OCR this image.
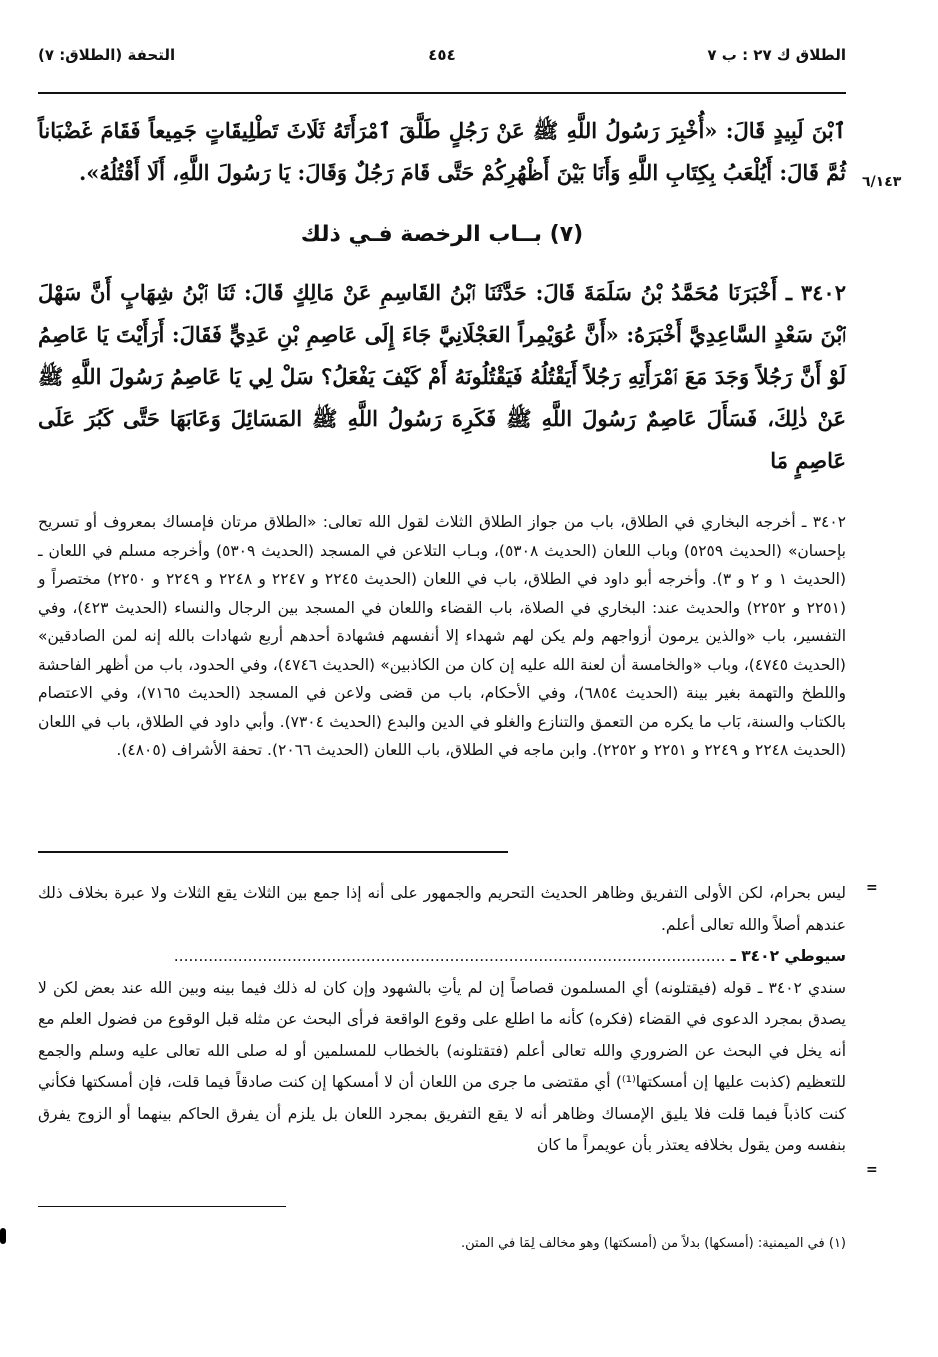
الطلاق ك ٢٧ : ب ٧
٤٥٤
التحفة (الطلاق: ٧)
٦/١٤٣

ٱبْنَ لَبِيدٍ قَالَ: «أُخْبِرَ رَسُولُ اللَّهِ ﷺ عَنْ رَجُلٍ طَلَّقَ ٱمْرَأَتَهُ ثَلَاثَ تَطْلِيقَاتٍ جَمِيعاً فَقَامَ غَضْبَاناً ثُمَّ قَالَ: أَيُلْعَبُ بِكِتَابِ اللَّهِ وَأَنَا بَيْنَ أَظْهُرِكُمْ حَتَّى قَامَ رَجُلٌ وَقَالَ: يَا رَسُولَ اللَّهِ، أَلَا أَقْتُلُهُ».

(٧) بــاب الرخصة فـي ذلك

٣٤٠٢ ـ أَخْبَرَنَا مُحَمَّدُ بْنُ سَلَمَةَ قَالَ: حَدَّثَنَا ٱبْنُ القَاسِمِ عَنْ مَالِكٍ قَالَ: ثَنَا ٱبْنُ شِهَابٍ أَنَّ سَهْلَ ٱبْنَ سَعْدٍ السَّاعِدِيَّ أَخْبَرَهُ: «أَنَّ عُوَيْمِراً العَجْلَانِيَّ جَاءَ إِلَى عَاصِمِ بْنِ عَدِيٍّ فَقَالَ: أَرَأَيْتَ يَا عَاصِمُ لَوْ أَنَّ رَجُلاً وَجَدَ مَعَ ٱمْرَأَتِهِ رَجُلاً أَيَقْتُلُهُ فَيَقْتُلُونَهُ أَمْ كَيْفَ يَفْعَلُ؟ سَلْ لِي يَا عَاصِمُ رَسُولَ اللَّهِ ﷺ عَنْ ذٰلِكَ، فَسَأَلَ عَاصِمٌ رَسُولَ اللَّهِ ﷺ فَكَرِهَ رَسُولُ اللَّهِ ﷺ المَسَائِلَ وَعَابَهَا حَتَّى كَبُرَ عَلَى عَاصِمٍ مَا

٣٤٠٢ ـ أخرجه البخاري في الطلاق، باب من جواز الطلاق الثلاث لقول الله تعالى: «الطلاق مرتان فإمساك بمعروف أو تسريح بإحسان» (الحديث ٥٢٥٩) وباب اللعان (الحديث ٥٣٠٨)، وبـاب التلاعن في المسجد (الحديث ٥٣٠٩) وأخرجه مسلم في اللعان ـ (الحديث ١ و ٢ و ٣). وأخرجه أبو داود في الطلاق، باب في اللعان (الحديث ٢٢٤٥ و ٢٢٤٧ و ٢٢٤٨ و ٢٢٤٩ و ٢٢٥٠) مختصراً و (٢٢٥١ و ٢٢٥٢) والحديث عند: البخاري في الصلاة، باب القضاء واللعان في المسجد بين الرجال والنساء (الحديث ٤٢٣)، وفي التفسير، باب «والذين يرمون أزواجهم ولم يكن لهم شهداء إلا أنفسهم فشهادة أحدهم أربع شهادات بالله إنه لمن الصادقين» (الحديث ٤٧٤٥)، وباب «والخامسة أن لعنة الله عليه إن كان من الكاذبين» (الحديث ٤٧٤٦)، وفي الحدود، باب من أظهر الفاحشة واللطخ والتهمة بغير بينة (الحديث ٦٨٥٤)، وفي الأحكام، باب من قضى ولاعن في المسجد (الحديث ٧١٦٥)، وفي الاعتصام بالكتاب والسنة، بَاب ما يكره من التعمق والتنازع والغلو في الدين والبدع (الحديث ٧٣٠٤). وأبي داود في الطلاق، باب في اللعان (الحديث ٢٢٤٨ و ٢٢٤٩ و ٢٢٥١ و ٢٢٥٢). وابن ماجه في الطلاق، باب اللعان (الحديث ٢٠٦٦). تحفة الأشراف (٤٨٠٥).
=
=

ليس بحرام، لكن الأولى التفريق وظاهر الحديث التحريم والجمهور على أنه إذا جمع بين الثلاث يقع الثلاث ولا عبرة بخلاف ذلك عندهم أصلاً والله تعالى أعلم.

سيوطي ٣٤٠٢ ـ ................................................................................................................

سندي ٣٤٠٢ ـ قوله (فيقتلونه) أي المسلمون قصاصاً إن لم يأتِ بالشهود وإن كان له ذلك فيما بينه وبين الله عند بعض لكن لا يصدق بمجرد الدعوى في القضاء (فكره) كأنه ما اطلع على وقوع الواقعة فرأى البحث عن مثله قبل الوقوع من فضول العلم مع أنه يخل في البحث عن الضروري والله تعالى أعلم (فتقتلونه) بالخطاب للمسلمين أو له صلى الله تعالى عليه وسلم والجمع للتعظيم (كذبت عليها إن أمسكتها⁽¹⁾) أي مقتضى ما جرى من اللعان أن لا أمسكها إن كنت صادقاً فيما قلت، فإن أمسكتها فكأني كنت كاذباً فيما قلت فلا يليق الإمساك وظاهر أنه لا يقع التفريق بمجرد اللعان بل يلزم أن يفرق الحاكم بينهما أو الزوج يفرق بنفسه ومن يقول بخلافه يعتذر بأن عويمراً ما كان

(١) في الميمنية: (أمسكها) بدلاً من (أمسكتها) وهو مخالف لِمَا في المتن.
